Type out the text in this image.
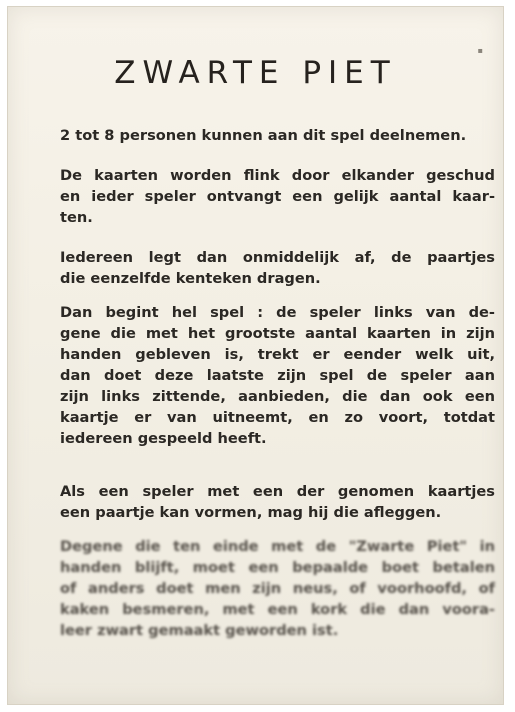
▪
ZWARTE PIET

2 tot 8 personen kunnen aan dit spel deelnemen.

De kaarten worden flink door elkander geschud
en ieder speler ontvangt een gelijk aantal kaar-
ten.

Iedereen legt dan onmiddelijk af, de paartjes
die eenzelfde kenteken dragen.

Dan begint hel spel : de speler links van de-
gene die met het grootste aantal kaarten in zijn
handen gebleven is, trekt er eender welk uit,
dan doet deze laatste zijn spel de speler aan
zijn links zittende, aanbieden, die dan ook een
kaartje er van uitneemt, en zo voort, totdat
iedereen gespeeld heeft.

Als een speler met een der genomen kaartjes
een paartje kan vormen, mag hij die afleggen.

Degene die ten einde met de "Zwarte Piet" in
handen blijft, moet een bepaalde boet betalen
of anders doet men zijn neus, of voorhoofd, of
kaken besmeren, met een kork die dan voora-
leer zwart gemaakt geworden ist.
